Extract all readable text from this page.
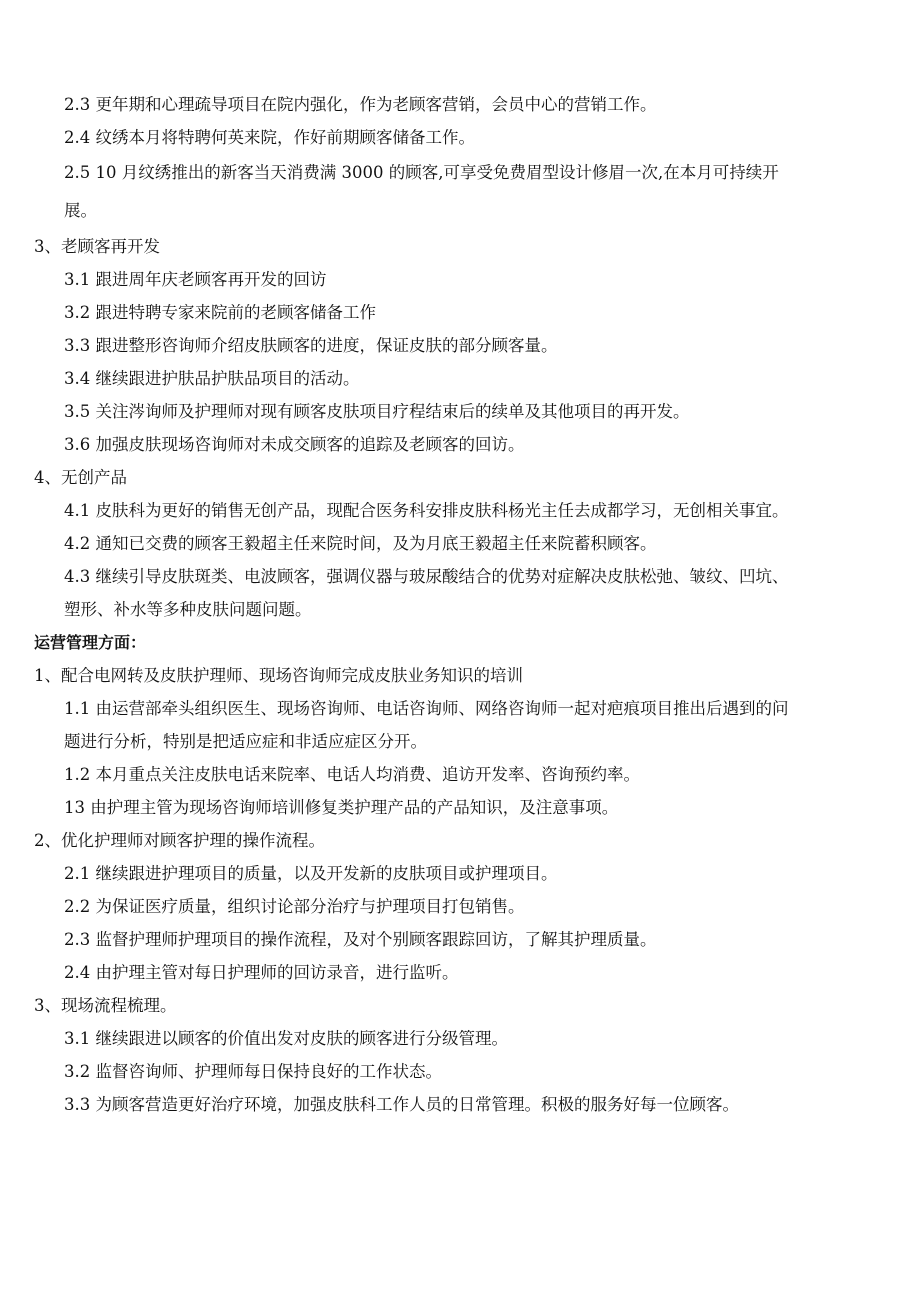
2.3 更年期和心理疏导项目在院内强化，作为老顾客营销，会员中心的营销工作。
2.4 纹绣本月将特聘何英来院，作好前期顾客储备工作。
2.5 10 月纹绣推出的新客当天消费满 3000 的顾客,可享受免费眉型设计修眉一次,在本月可持续开
展。
3、老顾客再开发
3.1 跟进周年庆老顾客再开发的回访
3.2 跟进特聘专家来院前的老顾客储备工作
3.3 跟进整形咨询师介绍皮肤顾客的进度，保证皮肤的部分顾客量。
3.4 继续跟进护肤品护肤品项目的活动。
3.5 关注涔询师及护理师对现有顾客皮肤项目疗程结束后的续单及其他项目的再开发。
3.6 加强皮肤现场咨询师对未成交顾客的追踪及老顾客的回访。
4、无创产品
4.1 皮肤科为更好的销售无创产品，现配合医务科安排皮肤科杨光主任去成都学习，无创相关事宜。
4.2 通知已交费的顾客王毅超主任来院时间，及为月底王毅超主任来院蓄积顾客。
4.3 继续引导皮肤斑类、电波顾客，强调仪器与玻尿酸结合的优势对症解决皮肤松弛、皱纹、凹坑、
塑形、补水等多种皮肤问题问题。
运营管理方面：
1、配合电网转及皮肤护理师、现场咨询师完成皮肤业务知识的培训
1.1 由运营部牵头组织医生、现场咨询师、电话咨询师、网络咨询师一起对疤痕项目推出后遇到的问
题进行分析，特别是把适应症和非适应症区分开。
1.2 本月重点关注皮肤电话来院率、电话人均消费、追访开发率、咨询预约率。
13 由护理主管为现场咨询师培训修复类护理产品的产品知识，及注意事项。
2、优化护理师对顾客护理的操作流程。
2.1 继续跟进护理项目的质量，以及开发新的皮肤项目或护理项目。
2.2 为保证医疗质量，组织讨论部分治疗与护理项目打包销售。
2.3 监督护理师护理项目的操作流程，及对个别顾客跟踪回访，了解其护理质量。
2.4 由护理主管对每日护理师的回访录音，进行监听。
3、现场流程梳理。
3.1 继续跟进以顾客的价值出发对皮肤的顾客进行分级管理。
3.2 监督咨询师、护理师每日保持良好的工作状态。
3.3 为顾客营造更好治疗环境，加强皮肤科工作人员的日常管理。积极的服务好每一位顾客。
